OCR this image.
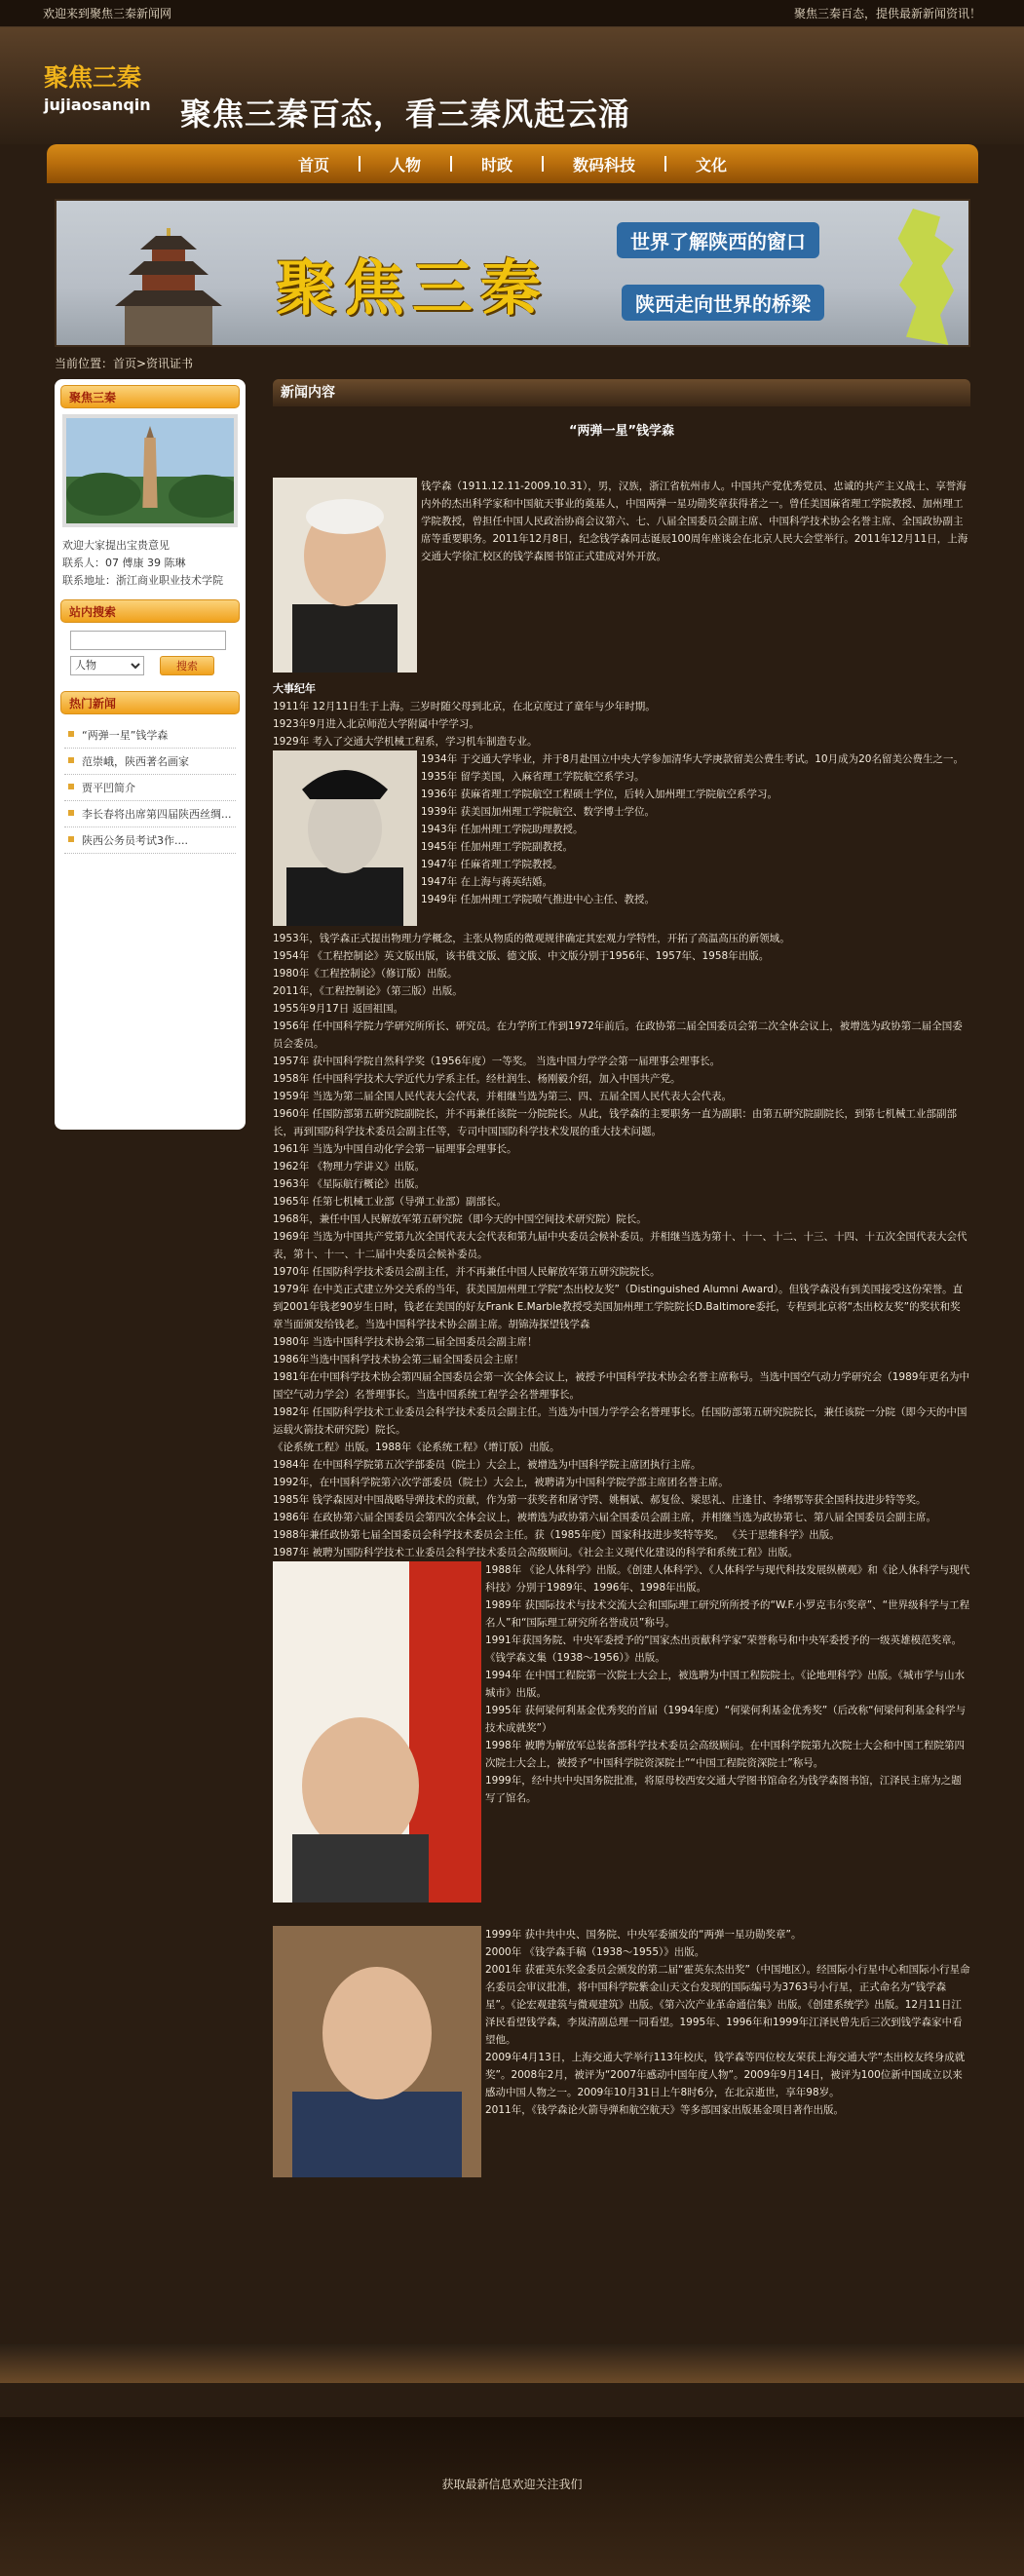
欢迎来到聚焦三秦新闻网	聚焦三秦百态，提供最新新闻资讯！
聚焦三秦
jujiaosanqin 聚焦三秦百态，看三秦风起云涌
首页	人物	时政	数码科技	文化
聚焦三秦
世界了解陕西的窗口
陕西走向世界的桥梁
当前位置：首页>资讯证书
聚焦三秦
欢迎大家提出宝贵意见
联系人：07 傅康 39 陈琳
联系地址：浙江商业职业技术学院
站内搜索
人物
搜索
热门新闻
“两弹一星”钱学森
范崇峨，陕西著名画家
贾平凹简介
李长春将出席第四届陕西丝绸...
陕西公务员考试3作....
新闻内容
“两弹一星”钱学森
钱学森（1911.12.11-2009.10.31），男，汉族，浙江省杭州市人。中国共产党优秀党员、忠诚的共产主义战士、享誉海内外的杰出科学家和中国航天事业的奠基人，中国两弹一星功勋奖章获得者之一。曾任美国麻省理工学院教授、加州理工学院教授，曾担任中国人民政治协商会议第六、七、八届全国委员会副主席、中国科学技术协会名誉主席、全国政协副主席等重要职务。2011年12月8日，纪念钱学森同志诞辰100周年座谈会在北京人民大会堂举行。2011年12月11日，上海交通大学徐汇校区的钱学森图书馆正式建成对外开放。
大事纪年
1911年 12月11日生于上海。三岁时随父母到北京，在北京度过了童年与少年时期。
1923年9月进入北京师范大学附属中学学习。
1929年 考入了交通大学机械工程系，学习机车制造专业。
1934年 于交通大学毕业，并于8月赴国立中央大学参加清华大学庚款留美公费生考试。10月成为20名留美公费生之一。
1935年 留学美国，入麻省理工学院航空系学习。
1936年 获麻省理工学院航空工程硕士学位，后转入加州理工学院航空系学习。
1939年 获美国加州理工学院航空、数学博士学位。
1943年 任加州理工学院助理教授。
1945年 任加州理工学院副教授。
1947年 任麻省理工学院教授。
1947年 在上海与蒋英结婚。
1949年 任加州理工学院喷气推进中心主任、教授。
1953年，钱学森正式提出物理力学概念，主张从物质的微观规律确定其宏观力学特性，开拓了高温高压的新领域。
1954年 《工程控制论》英文版出版，该书俄文版、德文版、中文版分别于1956年、1957年、1958年出版。
1980年《工程控制论》（修订版）出版。
2011年，《工程控制论》（第三版）出版。
1955年9月17日 返回祖国。
1956年 任中国科学院力学研究所所长、研究员。在力学所工作到1972年前后。在政协第二届全国委员会第二次全体会议上，被增选为政协第二届全国委员会委员。
1957年 获中国科学院自然科学奖（1956年度）一等奖。 当选中国力学学会第一届理事会理事长。
1958年 任中国科学技术大学近代力学系主任。经杜润生、杨刚毅介绍，加入中国共产党。
1959年 当选为第二届全国人民代表大会代表，并相继当选为第三、四、五届全国人民代表大会代表。
1960年 任国防部第五研究院副院长，并不再兼任该院一分院院长。从此，钱学森的主要职务一直为副职：由第五研究院副院长，到第七机械工业部副部长，再到国防科学技术委员会副主任等，专司中国国防科学技术发展的重大技术问题。
1961年 当选为中国自动化学会第一届理事会理事长。
1962年 《物理力学讲义》出版。
1963年 《星际航行概论》出版。
1965年 任第七机械工业部（导弹工业部）副部长。
1968年，兼任中国人民解放军第五研究院（即今天的中国空间技术研究院）院长。
1969年 当选为中国共产党第九次全国代表大会代表和第九届中央委员会候补委员。并相继当选为第十、十一、十二、十三、十四、十五次全国代表大会代表，第十、十一、十二届中央委员会候补委员。
1970年 任国防科学技术委员会副主任，并不再兼任中国人民解放军第五研究院院长。
1979年 在中美正式建立外交关系的当年，获美国加州理工学院“杰出校友奖”（Distinguished Alumni Award）。但钱学森没有到美国接受这份荣誉。直到2001年钱老90岁生日时，钱老在美国的好友Frank E.Marble教授受美国加州理工学院院长D.Baltimore委托，专程到北京将“杰出校友奖”的奖状和奖章当面颁发给钱老。当选中国科学技术协会副主席。胡锦涛探望钱学森
1980年 当选中国科学技术协会第二届全国委员会副主席！
1986年当选中国科学技术协会第三届全国委员会主席！
1981年在中国科学技术协会第四届全国委员会第一次全体会议上，被授予中国科学技术协会名誉主席称号。当选中国空气动力学研究会（1989年更名为中国空气动力学会）名誉理事长。当选中国系统工程学会名誉理事长。
1982年 任国防科学技术工业委员会科学技术委员会副主任。当选为中国力学学会名誉理事长。任国防部第五研究院院长，兼任该院一分院（即今天的中国运载火箭技术研究院）院长。
《论系统工程》出版。1988年《论系统工程》（增订版）出版。
1984年 在中国科学院第五次学部委员（院士）大会上，被增选为中国科学院主席团执行主席。
1992年，在中国科学院第六次学部委员（院士）大会上，被聘请为中国科学院学部主席团名誉主席。
1985年 钱学森因对中国战略导弹技术的贡献，作为第一获奖者和屠守锷、姚桐斌、郝复俭、梁思礼、庄逢甘、李绪鄂等获全国科技进步特等奖。
1986年 在政协第六届全国委员会第四次全体会议上，被增选为政协第六届全国委员会副主席，并相继当选为政协第七、第八届全国委员会副主席。
1988年兼任政协第七届全国委员会科学技术委员会主任。获（1985年度）国家科技进步奖特等奖。 《关于思维科学》出版。
1987年 被聘为国防科学技术工业委员会科学技术委员会高级顾问。《社会主义现代化建设的科学和系统工程》出版。
1988年 《论人体科学》出版。《创建人体科学》、《人体科学与现代科技发展纵横观》和《论人体科学与现代科技》分别于1989年、1996年、1998年出版。
1989年 获国际技术与技术交流大会和国际理工研究所所授予的“W.F.小罗克韦尔奖章”、“世界级科学与工程名人”和“国际理工研究所名誉成员”称号。
1991年获国务院、中央军委授予的“国家杰出贡献科学家”荣誉称号和中央军委授予的一级英雄模范奖章。《钱学森文集（1938～1956）》出版。
1994年 在中国工程院第一次院士大会上，被选聘为中国工程院院士。《论地理科学》出版。《城市学与山水城市》出版。
1995年 获何梁何利基金优秀奖的首届（1994年度）“何梁何利基金优秀奖”（后改称“何梁何利基金科学与技术成就奖”）
1998年 被聘为解放军总装备部科学技术委员会高级顾问。在中国科学院第九次院士大会和中国工程院第四次院士大会上，被授予“中国科学院资深院士”“中国工程院资深院士”称号。
1999年，经中共中央国务院批准，将原母校西安交通大学图书馆命名为钱学森图书馆，江泽民主席为之题写了馆名。
1999年 获中共中央、国务院、中央军委颁发的“两弹一星功勋奖章”。
2000年 《钱学森手稿（1938～1955）》出版。
2001年 获霍英东奖金委员会颁发的第二届“霍英东杰出奖”（中国地区）。经国际小行星中心和国际小行星命名委员会审议批准，将中国科学院紫金山天文台发现的国际编号为3763号小行星，正式命名为“钱学森星”。《论宏观建筑与微观建筑》出版。《第六次产业革命通信集》出版。《创建系统学》出版。12月11日江泽民看望钱学森，李岚清副总理一同看望。1995年、1996年和1999年江泽民曾先后三次到钱学森家中看望他。
2009年4月13日，上海交通大学举行113年校庆，钱学森等四位校友荣获上海交通大学“杰出校友终身成就奖”。2008年2月，被评为“2007年感动中国年度人物”。2009年9月14日，被评为100位新中国成立以来感动中国人物之一。2009年10月31日上午8时6分，在北京逝世，享年98岁。
2011年，《钱学森论火箭导弹和航空航天》等多部国家出版基金项目著作出版。
获取最新信息欢迎关注我们
